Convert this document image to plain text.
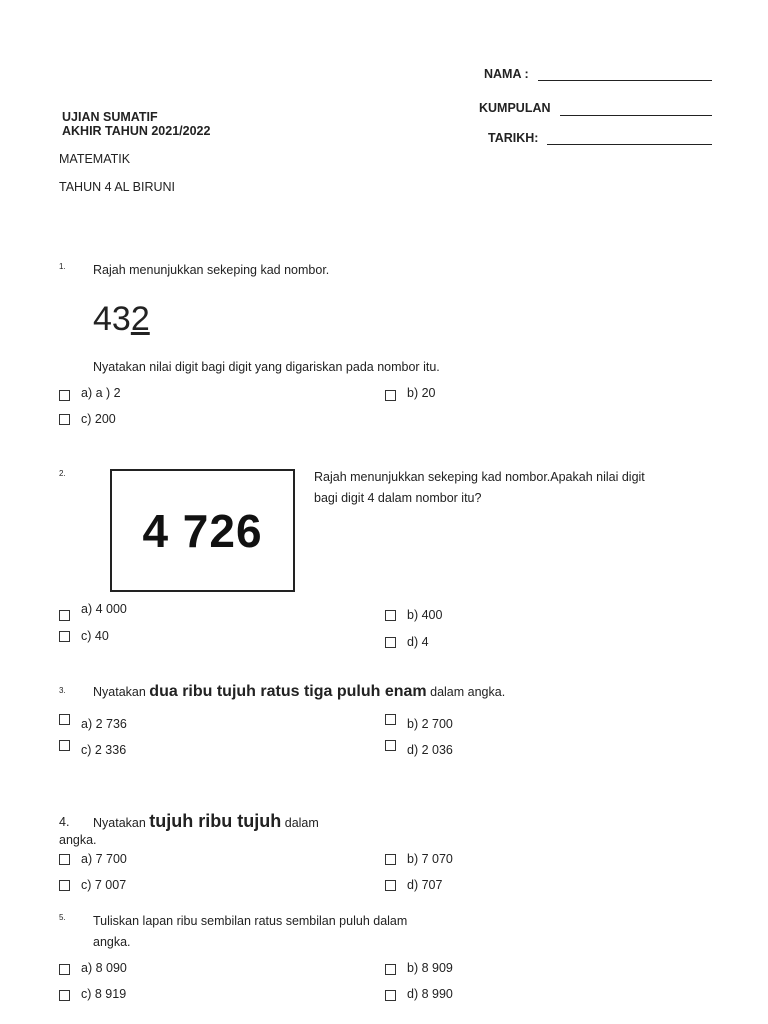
NAMA :
KUMPULAN
TARIKH:
UJIAN SUMATIF
AKHIR TAHUN 2021/2022
MATEMATIK
TAHUN 4 AL BIRUNI
1. Rajah menunjukkan sekeping kad nombor.
432
Nyatakan nilai digit bagi digit yang digariskan pada nombor itu.
a) a ) 2	b) 20
c) 200
2.
4 726
Rajah menunjukkan sekeping kad nombor.Apakah nilai digit
bagi digit 4 dalam nombor itu?
a) 4 000	b) 400
c) 40	d) 4
3. Nyatakan dua ribu tujuh ratus tiga puluh enam dalam angka.
a) 2 736	b) 2 700
c) 2 336	d) 2 036
4. Nyatakan tujuh ribu tujuh dalam
angka.
a) 7 700	b) 7 070
c) 7 007	d) 707
5. Tuliskan lapan ribu sembilan ratus sembilan puluh dalam
angka.
a) 8 090	b) 8 909
c) 8 919	d) 8 990
